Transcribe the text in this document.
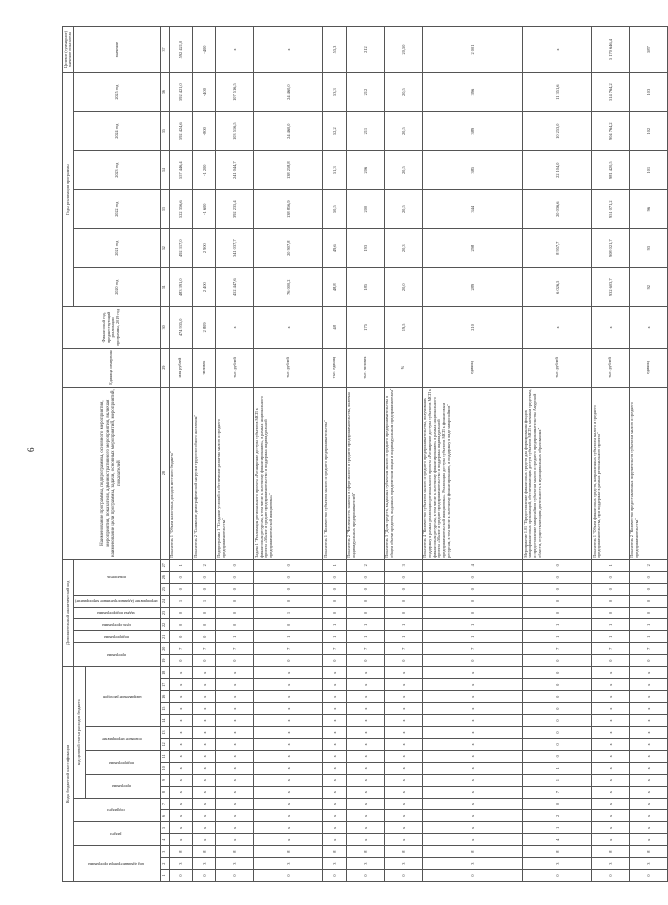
6
Коды бюджетной классификации																		Дополнительный аналитический код									Наименование программы, подпрограммы, основного мероприятия, мероприятия, показателя, административного мероприятия, включая наименование цели программы, задачи, основных мероприятий, мероприятий, показателей	Единица измерения	Финансовый год, предшествующий реализации программы, 2019 год	Годы реализации программы						Целевое (суммарное) значение показателя
код администратора программы			раздел		подраздел		код целевой статьи расходов бюджета											программа		подпрограмма	цель программы	задача подпрограммы	мероприятие (административное мероприятие)	показатель						2020 год	2021 год	2022 год	2023 год	2024 год	2025 год	значение
							программа		подпрограмма		основное мероприятие		направление расходов																							
1	2	3	4	5	6	7	8	9	10	11	12	13	14	15	16	17	18	19	20	21	22	23	24	25	26	27	28	29	30	31	32	33	34	35	36	37
0	3	8	x	x	x	x	x	x	x	x	x	x	x	x	x	x	x	0	7	0	0	0	1	0	0	1	Показатель 1 "Объем налоговых доходов местного бюджета"	млн рублей	474 935,0	483 391,0	492 317,0	522 356,6	557 446,4	592 424,6	592 421,0	592 421,0
0	3	8	x	x	x	x	x	x	x	x	x	x	x	x	x	x	x	0	7	0	0	0	1	0	0	2	Показатель 2 "Снижение демографической нагрузки трудоспособного населения"	человек	2 809	2 400	2 900	-1 600	-1 200	-800	-400	-400
0	3	8	x	x	x	x	x	x	x	x	x	x	x	x	x	x	x	0	7	1	0	0	0	0	0	0	Подпрограмма 1 "Создание условий и обеспечение развития малого и среднего предпринимательства"	тыс. рублей	x	452 447,6	341 037,7	392 235,4	241 044,7	103 516,5	107 516,5	x
0	3	8	x	x	x	x	x	x	x	x	x	x	x	x	x	x	x	0	7	1	0	1	0	0	0	0	Задача 1 "Реализация регионального проекта «Расширение доступа субъектов МСП к финансовым ресурсам, в том числе к льготному финансированию», в рамках национального проекта «Малое и среднее предпринимательство и поддержка индивидуальной предпринимательской инициативы»"	тыс. рублей	x	76 000,2	20 907,8	138 856,9	138 258,8	24 460,0	24 460,0	x
0	3	8	x	x	x	x	x	x	x	x	x	x	x	x	x	x	x	0	7	1	1	0	0	0	0	1	Показатель 1 "Количество субъектов малого и среднего предпринимательства"	тыс. единиц	48	48,8	49,6	50,5	51,3	52,2	53,3	53,3
0	3	8	x	x	x	x	x	x	x	x	x	x	x	x	x	x	x	0	7	1	1	0	0	0	0	2	Показатель 2 "Численность занятых в сфере малого и среднего предпринимательства, включая индивидуальных предпринимателей"	тыс. человек	175	185	193	200	206	211	212	212
0	3	8	x	x	x	x	x	x	x	x	x	x	x	x	x	x	x	0	7	1	1	0	0	0	0	3	Показатель 3 "Доля средств, выданных субъектам малого и среднего предпринимательства в общем объеме кредитов, выданных юридическим лицам и индивидуальным предпринимателям"	%	19,5	20,0	20,3	20,5	20,5	20,5	20,5	20,50
0	3	8	x	x	x	x	x	x	x	x	x	x	x	x	x	x	x	0	7	1	1	0	0	0	0	4	Показатель 4 "Количество субъектов малого и среднего предпринимательства, получивших поддержку в рамках реализации регионального проекта «Расширение доступа субъектов МСП к финансовым ресурсам, в том числе к льготному финансированию» в рамках национального проекта «Малое и среднее предпринимательство и поддержка индивидуальной предпринимательской инициативы». Реализация доступа субъектов МСП к финансовым ресурсам, в том числе к льготному финансированию, и поддержку в виде микрозаймов"	единиц	210	289	298	344	385	389	396	2 001
0	3	8	4	1	2	0	7	1	1	0	0	0	0	0	0	0	0	0	7	1	1	0	0	0	0	0	Мероприятие 1.01 "Предоставление финансовых средств для формирования фондов микрофинансовых организаций, обеспечивающих доступ субъектов МСП к заемным средствам, и предоставление микрозаймов субъектам малого и среднего предпринимательства Амурской области, осуществляющим деятельность в муниципальных образованиях"	тыс. рублей	x	6 026,5	8 957,7	20 036,6	22 104,0	10 253,0	11 351,6	x
0	3	8	x	x	x	x	x	x	x	x	x	x	x	x	x	x	x	0	7	1	1	0	0	0	0	1	Показатель 1 "Объем финансовых средств, направленных субъектам малого и среднего предпринимательства, при поддержке в рамках регионального проекта"	тыс. рублей	x	932 603,7	908 021,7	951 071,2	981 420,5	904 764,2	514 764,2	5 170 646,4
0	3	8	x	x	x	x	x	x	x	x	x	x	x	x	x	x	x	0	7	1	1	0	0	0	0	2	Показатель 2 "Количество предоставленных поручительств субъектам малого и среднего предпринимательства"	единиц	x	92	93	96	101	102	103	587
